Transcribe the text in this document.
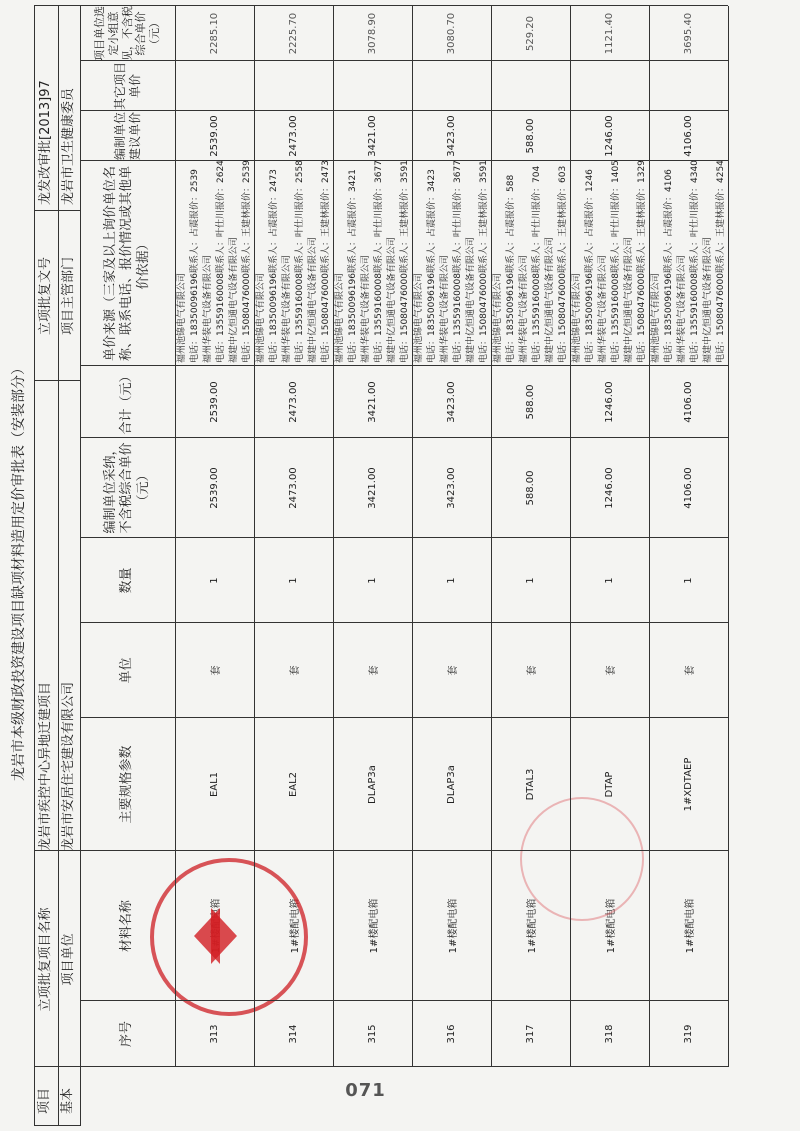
龙岩市本级财政投资建设项目缺项材料造用定价审批表（安装部分）
项目 基本
立项批复项目名称
龙岩市疾控中心异地迁建项目
立项批复文号
龙发改审批[2013]97
项目单位
龙岩市安居住宅建设有限公司
项目主管部门
龙岩市卫生健康委员
序号
材料名称
主要规格参数
单位
数量
编制单位采纳，不含税综合单价（元）
合计（元）
单价来源（三家及以上询价单位名称、联系电话、报价情况或其他单价依据）
编制单位建议单价
其它项目单价
项目单位选定小组意见，不含税综合单价（元）
313
1#楼配电箱
EAL1
套
1
2539.00
2539.00
福州池锦电气有限公司 电话：18350096196联系人：占震报价：2539 福州华装电气设备有限公司 电话：13559160008联系人：叶仕川报价：2624 福建中亿恒通电气设备有限公司 电话：15080476000联系人：王建林报价：2539
2539.00
2285.10
314
1#楼配电箱
EAL2
套
1
2473.00
2473.00
福州池锦电气有限公司 电话：18350096196联系人：占震报价：2473 福州华装电气设备有限公司 电话：13559160008联系人：叶仕川报价：2558 福建中亿恒通电气设备有限公司 电话：15080476000联系人：王建林报价：2473
2473.00
2225.70
315
1#楼配电箱
DLAP3a
套
1
3421.00
3421.00
福州池锦电气有限公司 电话：18350096196联系人：占震报价：3421 福州华装电气设备有限公司 电话：13559160008联系人：叶仕川报价：3677 福建中亿恒通电气设备有限公司 电话：15080476000联系人：王建林报价：3591
3421.00
3078.90
316
1#楼配电箱
DLAP3a
套
1
3423.00
3423.00
福州池锦电气有限公司 电话：18350096196联系人：占震报价：3423 福州华装电气设备有限公司 电话：13559160008联系人：叶仕川报价：3677 福建中亿恒通电气设备有限公司 电话：15080476000联系人：王建林报价：3591
3423.00
3080.70
317
1#楼配电箱
DTAL3
套
1
588.00
588.00
福州池锦电气有限公司 电话：18350096196联系人：占震报价：588 福州华装电气设备有限公司 电话：13559160008联系人：叶仕川报价：704 福建中亿恒通电气设备有限公司 电话：15080476000联系人：王建林报价：603
588.00
529.20
318
1#楼配电箱
DTAP
套
1
1246.00
1246.00
福州池锦电气有限公司 电话：18350096196联系人：占震报价：1246 福州华装电气设备有限公司 电话：13559160008联系人：叶仕川报价：1405 福建中亿恒通电气设备有限公司 电话：15080476000联系人：王建林报价：1329
1246.00
1121.40
319
1#楼配电箱
1#XDTAEP
套
1
4106.00
4106.00
福州池锦电气有限公司 电话：18350096196联系人：占震报价：4106 福州华装电气设备有限公司 电话：13559160008联系人：叶仕川报价：4340 福建中亿恒通电气设备有限公司 电话：15080476000联系人：王建林报价：4254
4106.00
3695.40
071
